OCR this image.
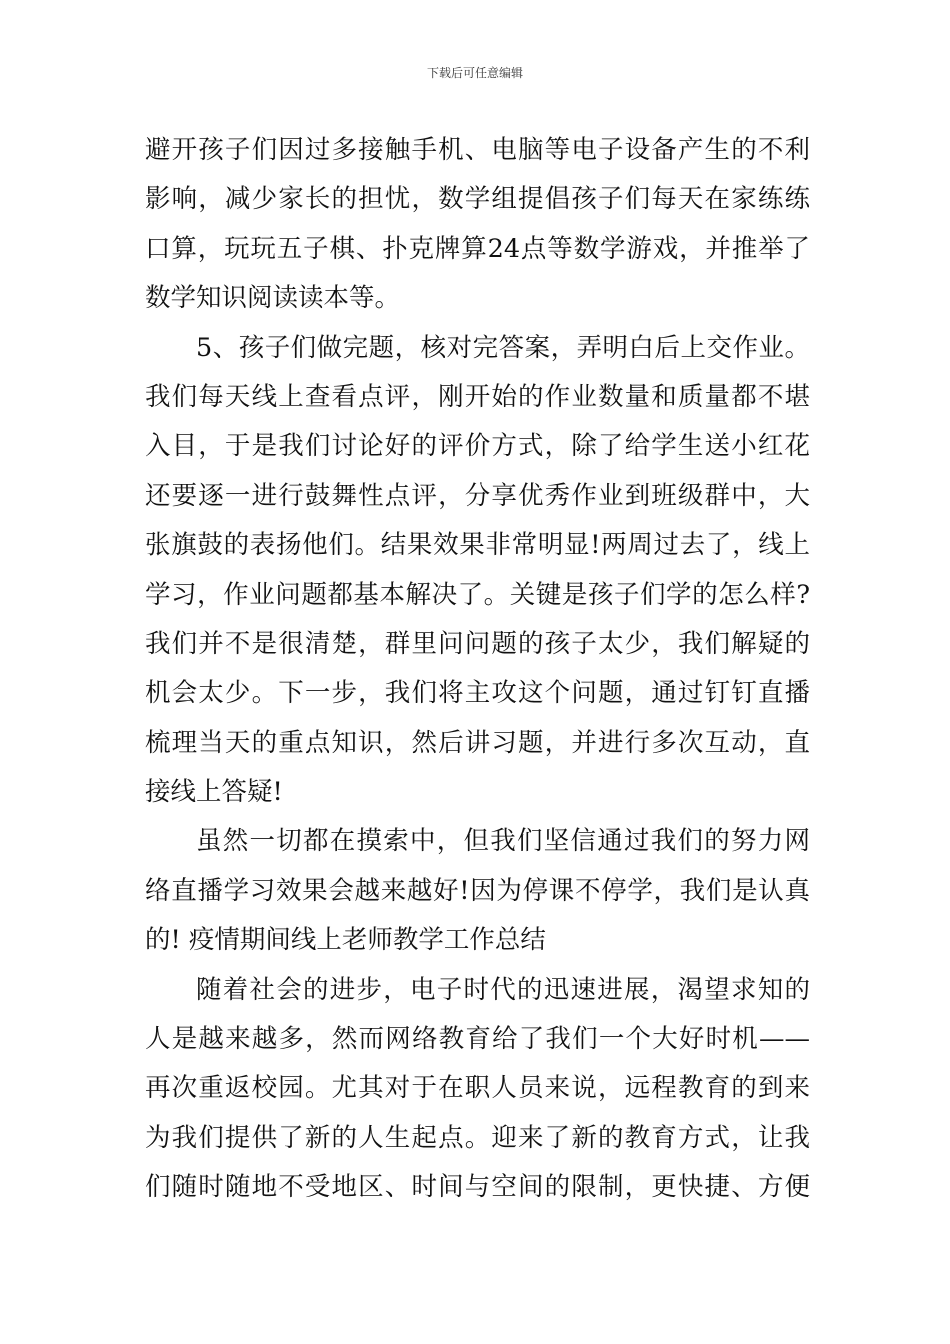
下载后可任意编辑
避开孩子们因过多接触手机、电脑等电子设备产生的不利
影响，减少家长的担忧，数学组提倡孩子们每天在家练练
口算，玩玩五子棋、扑克牌算24点等数学游戏，并推举了
数学知识阅读读本等。
5、孩子们做完题，核对完答案，弄明白后上交作业。
我们每天线上查看点评，刚开始的作业数量和质量都不堪
入目，于是我们讨论好的评价方式，除了给学生送小红花
还要逐一进行鼓舞性点评，分享优秀作业到班级群中，大
张旗鼓的表扬他们。结果效果非常明显!两周过去了，线上
学习，作业问题都基本解决了。关键是孩子们学的怎么样?
我们并不是很清楚，群里问问题的孩子太少，我们解疑的
机会太少。下一步，我们将主攻这个问题，通过钉钉直播
梳理当天的重点知识，然后讲习题，并进行多次互动，直
接线上答疑!
虽然一切都在摸索中，但我们坚信通过我们的努力网
络直播学习效果会越来越好!因为停课不停学，我们是认真
的! 疫情期间线上老师教学工作总结
随着社会的进步，电子时代的迅速进展，渴望求知的
人是越来越多，然而网络教育给了我们一个大好时机——
再次重返校园。尤其对于在职人员来说，远程教育的到来
为我们提供了新的人生起点。迎来了新的教育方式，让我
们随时随地不受地区、时间与空间的限制，更快捷、方便
